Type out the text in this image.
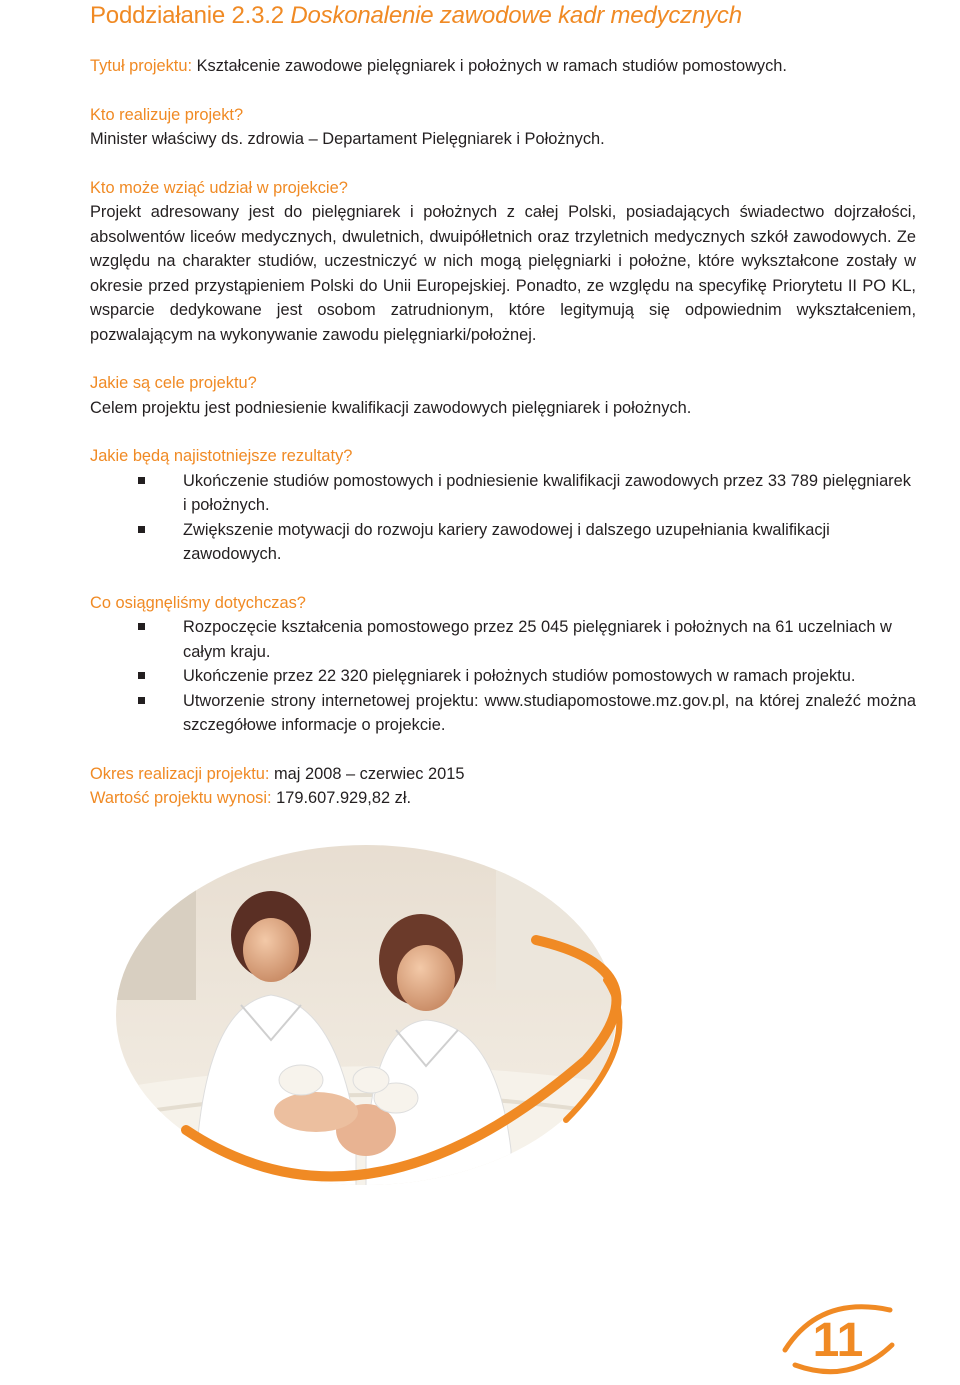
Poddziałanie 2.3.2 Doskonalenie zawodowe kadr medycznych

Tytuł projektu: Kształcenie zawodowe pielęgniarek i położnych w ramach studiów pomostowych.

Kto realizuje projekt?

Minister właściwy ds. zdrowia – Departament Pielęgniarek i Położnych.

Kto może wziąć udział w projekcie?

Projekt adresowany jest do pielęgniarek i położnych z całej Polski, posiadających świadectwo dojrzałości, absolwentów liceów medycznych, dwuletnich, dwuipółletnich oraz trzyletnich medycznych szkół zawodowych. Ze względu na charakter studiów, uczestniczyć w nich mogą pielęgniarki i położne, które wykształcone zostały w okresie przed przystąpieniem Polski do Unii Europejskiej. Ponadto, ze względu na specyfikę Priorytetu II PO KL, wsparcie dedykowane jest osobom zatrudnionym, które legitymują się odpowiednim wykształceniem, pozwalającym na wykonywanie zawodu pielęgniarki/położnej.

Jakie są cele projektu?

Celem projektu jest podniesienie kwalifikacji zawodowych pielęgniarek i położnych.

Jakie będą najistotniejsze rezultaty?

Ukończenie studiów pomostowych i podniesienie kwalifikacji zawodowych przez 33 789 pielęgniarek i położnych.
Zwiększenie motywacji do rozwoju kariery zawodowej i dalszego uzupełniania kwalifikacji zawodowych.

Co osiągnęliśmy dotychczas?

Rozpoczęcie kształcenia pomostowego przez 25 045 pielęgniarek i położnych na 61 uczelniach w całym kraju.
Ukończenie przez 22 320 pielęgniarek i położnych studiów pomostowych w ramach projektu.
Utworzenie strony internetowej projektu: www.studiapomostowe.mz.gov.pl, na której znaleźć można szczegółowe informacje o projekcie.

Okres realizacji projektu: maj 2008 – czerwiec 2015

Wartość projektu wynosi: 179.607.929,82 zł.

11
